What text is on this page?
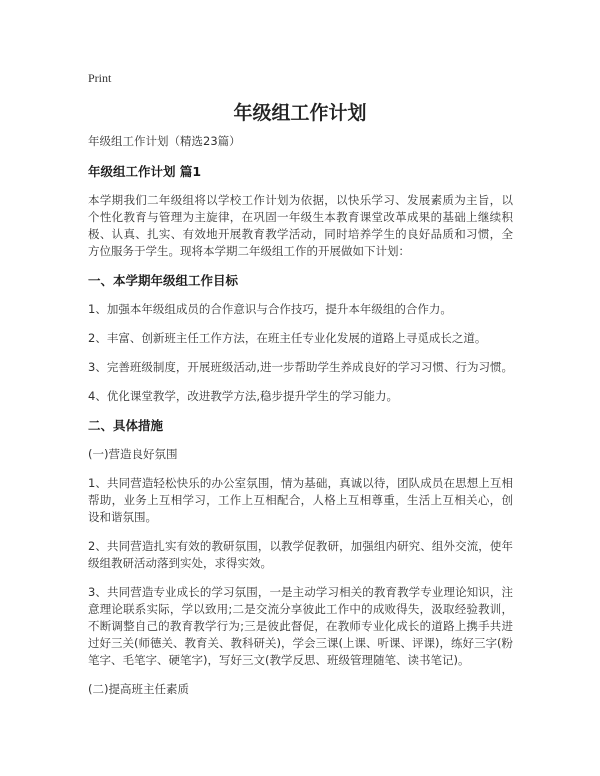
Print
年级组工作计划

年级组工作计划（精选23篇）

年级组工作计划 篇1

本学期我们二年级组将以学校工作计划为依据，以快乐学习、发展素质为主旨，以个性化教育与管理为主旋律，在巩固一年级生本教育课堂改革成果的基础上继续积极、认真、扎实、有效地开展教育教学活动，同时培养学生的良好品质和习惯，全方位服务于学生。现将本学期二年级组工作的开展做如下计划：

一、本学期年级组工作目标

1、加强本年级组成员的合作意识与合作技巧，提升本年级组的合作力。

2、丰富、创新班主任工作方法，在班主任专业化发展的道路上寻觅成长之道。

3、完善班级制度，开展班级活动,进一步帮助学生养成良好的学习习惯、行为习惯。

4、优化课堂教学，改进教学方法,稳步提升学生的学习能力。

二、具体措施

(一)营造良好氛围

1、共同营造轻松快乐的办公室氛围，情为基础，真诚以待，团队成员在思想上互相帮助，业务上互相学习，工作上互相配合，人格上互相尊重，生活上互相关心，创设和谐氛围。

2、共同营造扎实有效的教研氛围，以教学促教研，加强组内研究、组外交流，使年级组教研活动落到实处，求得实效。

3、共同营造专业成长的学习氛围，一是主动学习相关的教育教学专业理论知识，注意理论联系实际，学以致用;二是交流分享彼此工作中的成败得失，汲取经验教训，不断调整自己的教育教学行为;三是彼此督促，在教师专业化成长的道路上携手共进过好三关(师德关、教育关、教科研关)，学会三课(上课、听课、评课)，练好三字(粉笔字、毛笔字、硬笔字)，写好三文(教学反思、班级管理随笔、读书笔记)。

(二)提高班主任素质
